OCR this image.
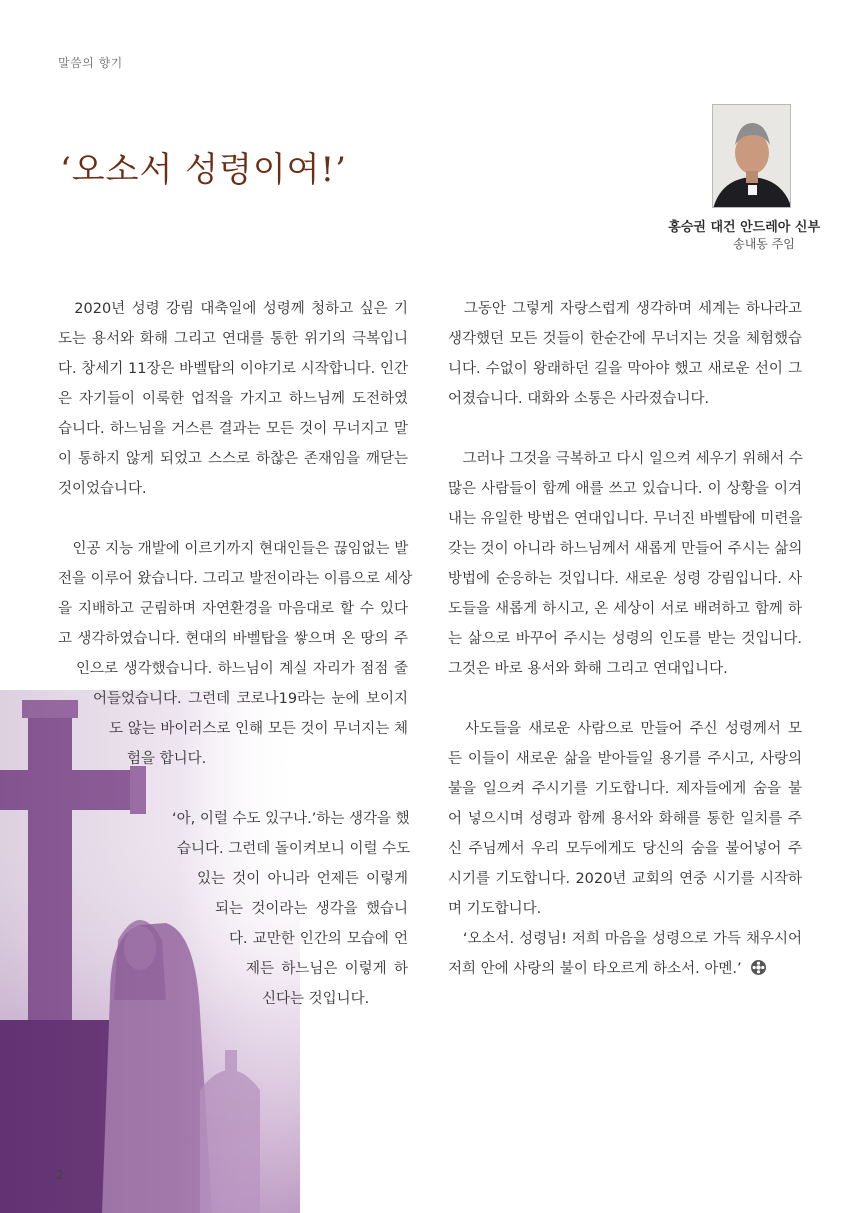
말씀의 향기
‘오소서 성령이여!’
홍승권 대건 안드레아 신부
송내동 주임
　2020년 성령 강림 대축일에 성령께 청하고 싶은 기
도는 용서와 화해 그리고 연대를 통한 위기의 극복입니
다. 창세기 11장은 바벨탑의 이야기로 시작합니다. 인간
은 자기들이 이룩한 업적을 가지고 하느님께 도전하였
습니다. 하느님을 거스른 결과는 모든 것이 무너지고 말
이 통하지 않게 되었고 스스로 하찮은 존재임을 깨닫는
것이었습니다.
　인공 지능 개발에 이르기까지 현대인들은 끊임없는 발
전을 이루어 왔습니다. 그리고 발전이라는 이름으로 세상
을 지배하고 군림하며 자연환경을 마음대로 할 수 있다
고 생각하였습니다. 현대의 바벨탑을 쌓으며 온 땅의 주
인으로 생각했습니다. 하느님이 계실 자리가 점점 줄
어들었습니다. 그런데 코로나19라는 눈에 보이지
도 않는 바이러스로 인해 모든 것이 무너지는 체
험을 합니다.
‘아, 이럴 수도 있구나.’하는 생각을 했
습니다. 그런데 돌이켜보니 이럴 수도
있는 것이 아니라 언제든 이렇게
되는 것이라는 생각을 했습니
다. 교만한 인간의 모습에 언
제든 하느님은 이렇게 하
신다는 것입니다.
　그동안 그렇게 자랑스럽게 생각하며 세계는 하나라고
생각했던 모든 것들이 한순간에 무너지는 것을 체험했습
니다. 수없이 왕래하던 길을 막아야 했고 새로운 선이 그
어졌습니다. 대화와 소통은 사라졌습니다.
　그러나 그것을 극복하고 다시 일으켜 세우기 위해서 수
많은 사람들이 함께 애를 쓰고 있습니다. 이 상황을 이겨
내는 유일한 방법은 연대입니다. 무너진 바벨탑에 미련을
갖는 것이 아니라 하느님께서 새롭게 만들어 주시는 삶의
방법에 순응하는 것입니다. 새로운 성령 강림입니다. 사
도들을 새롭게 하시고, 온 세상이 서로 배려하고 함께 하
는 삶으로 바꾸어 주시는 성령의 인도를 받는 것입니다.
그것은 바로 용서와 화해 그리고 연대입니다.
　사도들을 새로운 사람으로 만들어 주신 성령께서 모
든 이들이 새로운 삶을 받아들일 용기를 주시고, 사랑의
불을 일으켜 주시기를 기도합니다. 제자들에게 숨을 불
어 넣으시며 성령과 함께 용서와 화해를 통한 일치를 주
신 주님께서 우리 모두에게도 당신의 숨을 불어넣어 주
시기를 기도합니다. 2020년 교회의 연중 시기를 시작하
며 기도합니다.
　‘오소서. 성령님! 저희 마음을 성령으로 가득 채우시어
저희 안에 사랑의 불이 타오르게 하소서. 아멘.’
2
